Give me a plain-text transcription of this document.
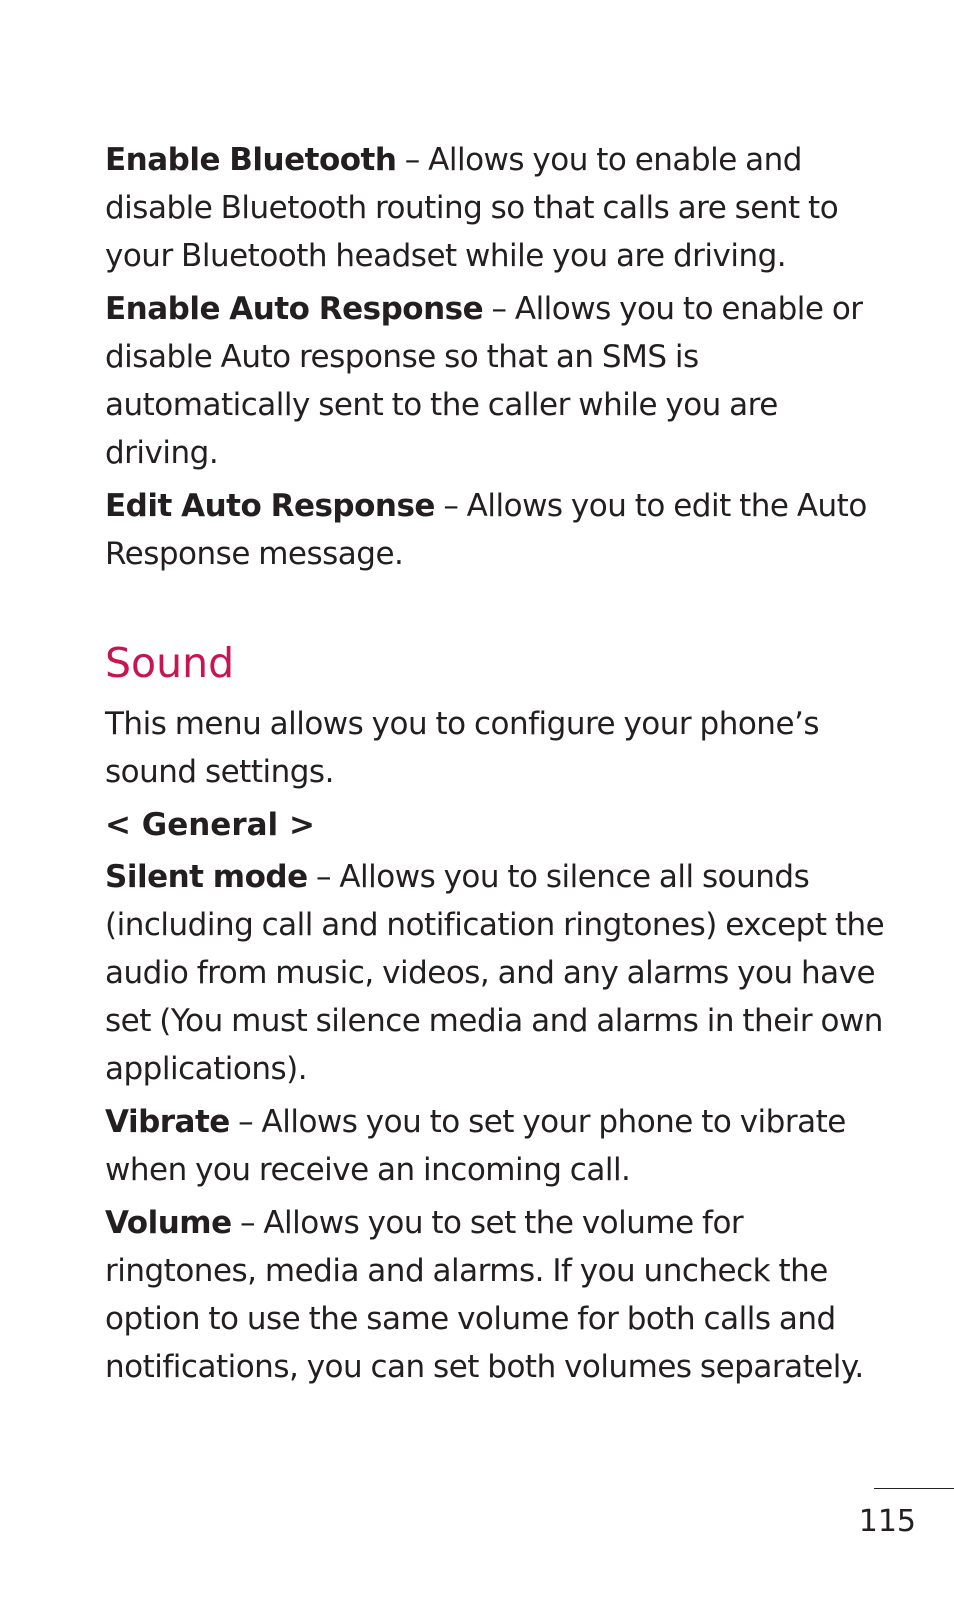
Enable Bluetooth – Allows you to enable and disable Bluetooth routing so that calls are sent to your Bluetooth headset while you are driving.

Enable Auto Response – Allows you to enable or disable Auto response so that an SMS is automatically sent to the caller while you are driving.

Edit Auto Response – Allows you to edit the Auto Response message.

Sound

This menu allows you to configure your phone’s sound settings.

< General >

Silent mode – Allows you to silence all sounds (including call and notification ringtones) except the audio from music, videos, and any alarms you have set (You must silence media and alarms in their own applications).

Vibrate – Allows you to set your phone to vibrate when you receive an incoming call.

Volume – Allows you to set the volume for ringtones, media and alarms. If you uncheck the option to use the same volume for both calls and notifications, you can set both volumes separately.

115
